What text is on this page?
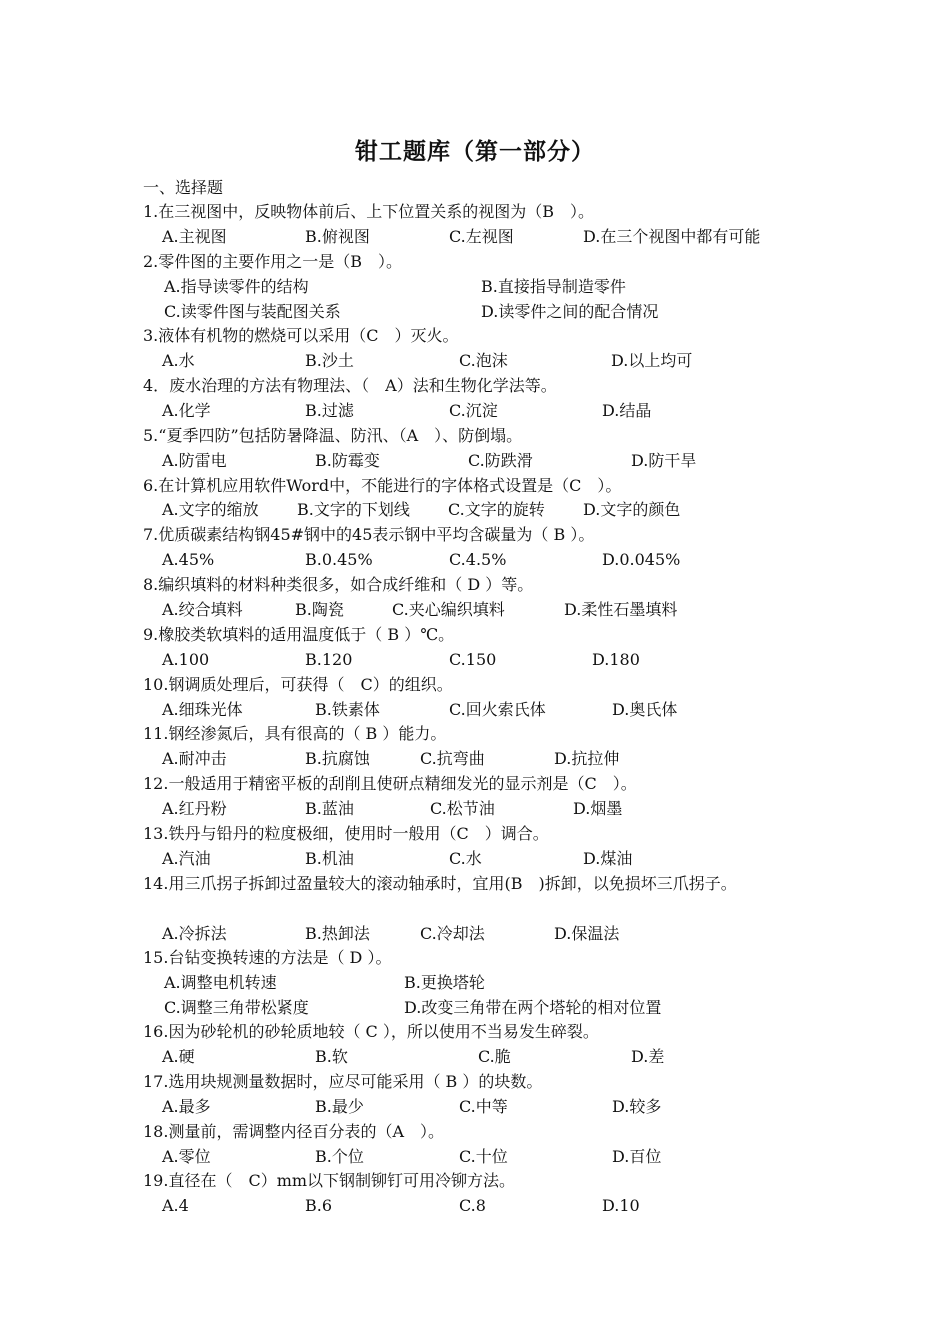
钳工题库（第一部分）
一、选择题
1.在三视图中，反映物体前后、上下位置关系的视图为（B　）。
A.主视图	B.俯视图	C.左视图	D.在三个视图中都有可能
2.零件图的主要作用之一是（B　）。
A.指导读零件的结构	B.直接指导制造零件
C.读零件图与装配图关系	D.读零件之间的配合情况
3.液体有机物的燃烧可以采用（C　）灭火。
A.水	B.沙土	C.泡沫	D.以上均可
4．废水治理的方法有物理法、（　A）法和生物化学法等。
A.化学	B.过滤	C.沉淀	D.结晶
5.“夏季四防”包括防暑降温、防汛、（A　）、防倒塌。
A.防雷电	B.防霉变	C.防跌滑	D.防干旱
6.在计算机应用软件Word中，不能进行的字体格式设置是（C　）。
A.文字的缩放 B.文字的下划线 C.文字的旋转 D.文字的颜色
7.优质碳素结构钢45#钢中的45表示钢中平均含碳量为（ B ）。
A.45%	B.0.45%	C.4.5%	D.0.045%
8.编织填料的材料种类很多，如合成纤维和（ D ）等。
A.绞合填料	B.陶瓷	C.夹心编织填料	D.柔性石墨填料
9.橡胶类软填料的适用温度低于（ B ）℃。
A.100	B.120	C.150	D.180
10.钢调质处理后，可获得（　C）的组织。
A.细珠光体	B.铁素体	C.回火索氏体	D.奥氏体
11.钢经渗氮后，具有很高的（ B ）能力。
A.耐冲击	B.抗腐蚀	C.抗弯曲	D.抗拉伸
12.一般适用于精密平板的刮削且使研点精细发光的显示剂是（C　）。
A.红丹粉	B.蓝油	C.松节油	D.烟墨
13.铁丹与铅丹的粒度极细，使用时一般用（C　）调合。
A.汽油	B.机油	C.水	D.煤油
14.用三爪拐子拆卸过盈量较大的滚动轴承时，宜用(B　)拆卸，以免损坏三爪拐子。
A.冷拆法	B.热卸法	C.冷却法	D.保温法
15.台钻变换转速的方法是（ D ）。
A.调整电机转速	B.更换塔轮
C.调整三角带松紧度	D.改变三角带在两个塔轮的相对位置
16.因为砂轮机的砂轮质地较（ C ），所以使用不当易发生碎裂。
A.硬	B.软	C.脆	D.差
17.选用块规测量数据时，应尽可能采用（ B ）的块数。
A.最多	B.最少	C.中等	D.较多
18.测量前，需调整内径百分表的（A　）。
A.零位	B.个位	C.十位	D.百位
19.直径在（　C）mm以下钢制铆钉可用冷铆方法。
A.4	B.6	C.8	D.10
